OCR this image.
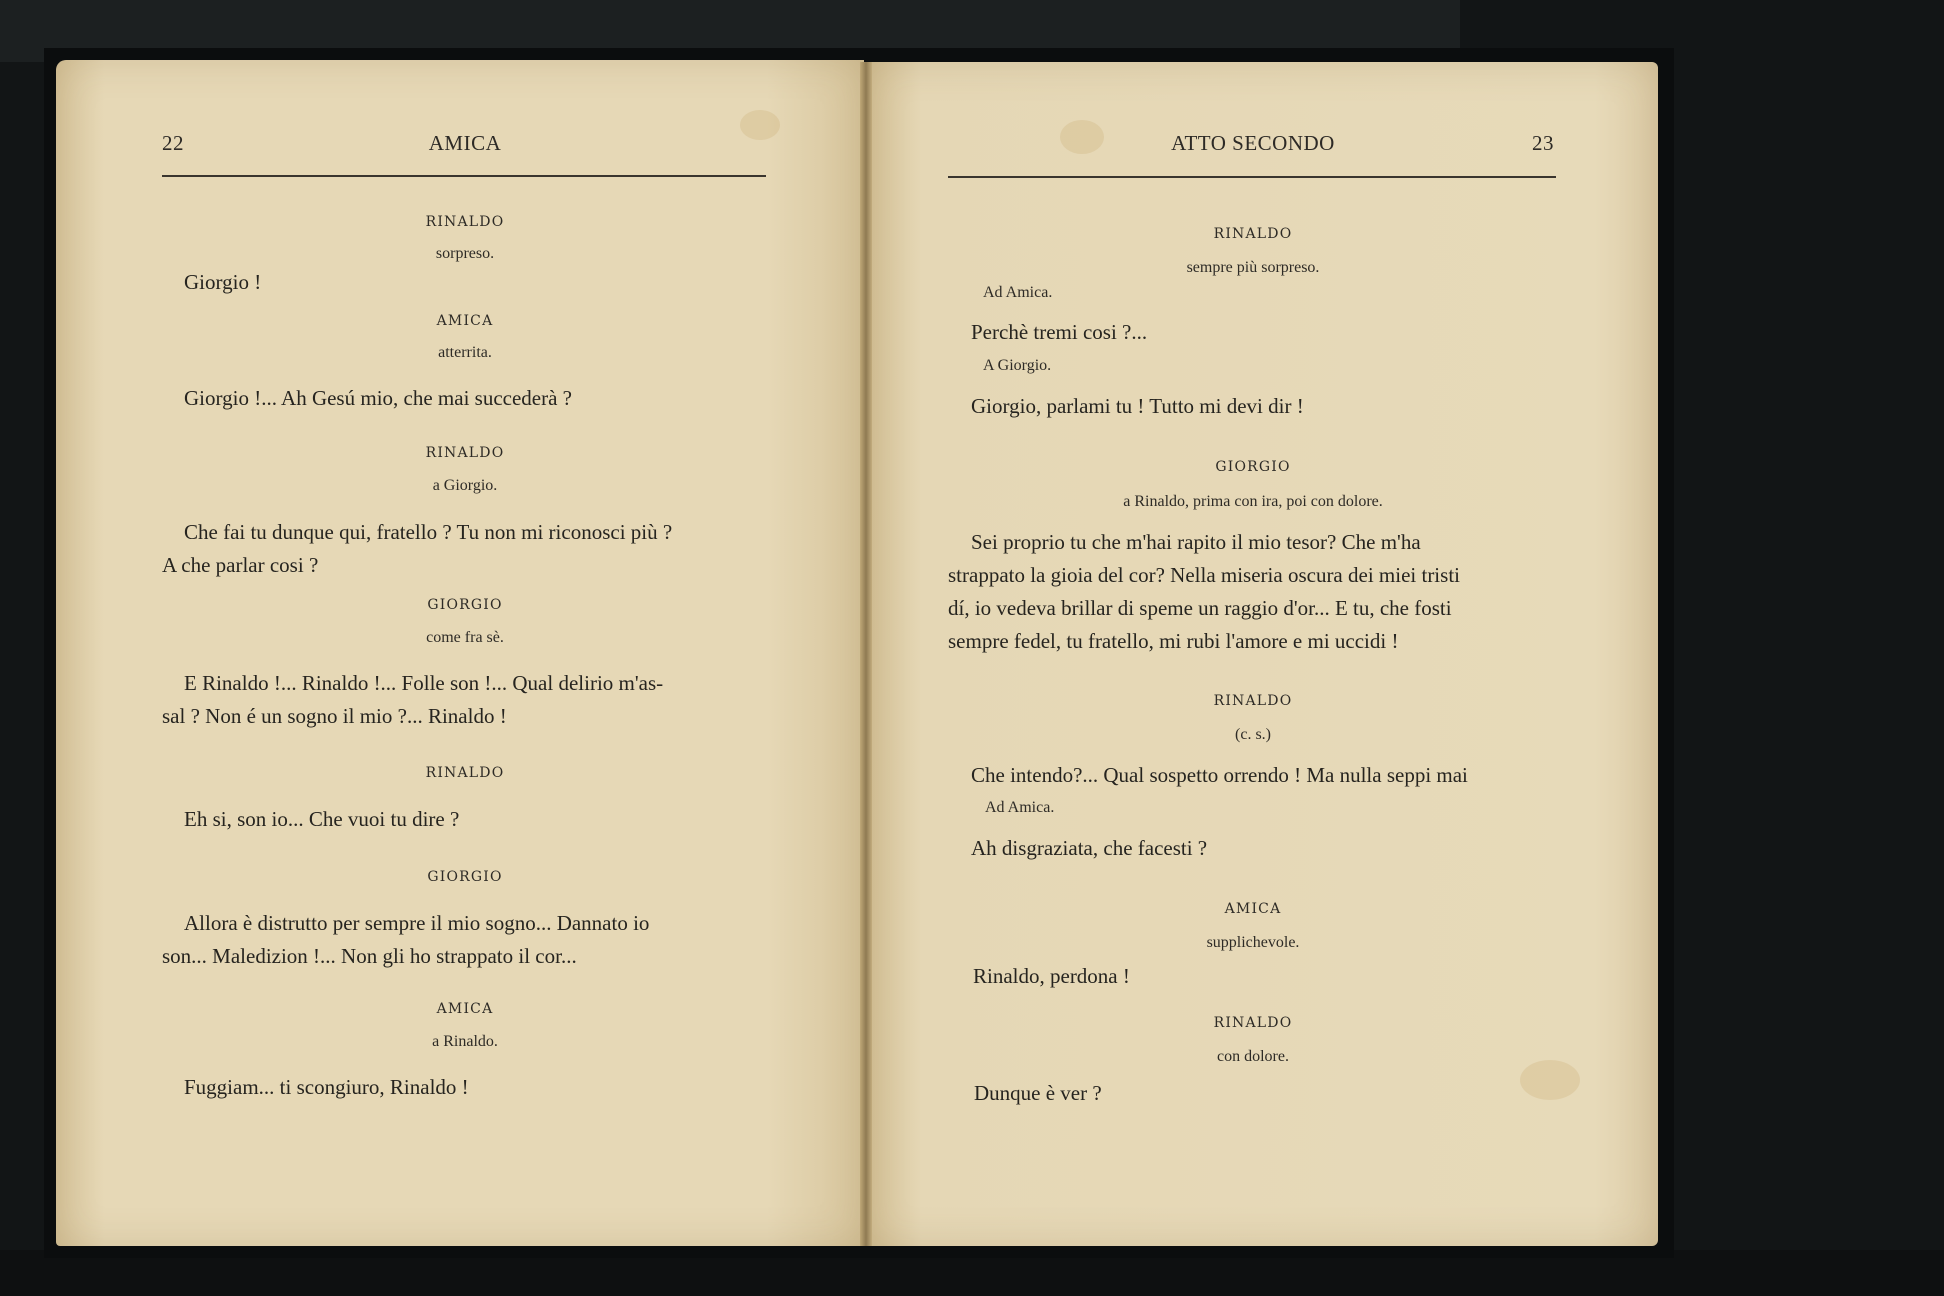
22	AMICA
RINALDO
sorpreso.
Giorgio !
AMICA
atterrita.
Giorgio !... Ah Gesú mio, che mai succederà ?
RINALDO
a Giorgio.
Che fai tu dunque qui, fratello ? Tu non mi riconosci più ?
A che parlar cosi ?
GIORGIO
come fra sè.
E Rinaldo !... Rinaldo !... Folle son !... Qual delirio m'as-
sal ? Non é un sogno il mio ?... Rinaldo !
RINALDO
Eh si, son io... Che vuoi tu dire ?
GIORGIO
Allora è distrutto per sempre il mio sogno... Dannato io
son... Maledizion !... Non gli ho strappato il cor...
AMICA
a Rinaldo.
Fuggiam... ti scongiuro, Rinaldo !
ATTO SECONDO	23
RINALDO
sempre più sorpreso.
Ad Amica.
Perchè tremi cosi ?...
A Giorgio.
Giorgio, parlami tu ! Tutto mi devi dir !
GIORGIO
a Rinaldo, prima con ira, poi con dolore.
Sei proprio tu che m'hai rapito il mio tesor? Che m'ha
strappato la gioia del cor? Nella miseria oscura dei miei tristi
dí, io vedeva brillar di speme un raggio d'or... E tu, che fosti
sempre fedel, tu fratello, mi rubi l'amore e mi uccidi !
RINALDO
(c. s.)
Che intendo?... Qual sospetto orrendo ! Ma nulla seppi mai
Ad Amica.
Ah disgraziata, che facesti ?
AMICA
supplichevole.
Rinaldo, perdona !
RINALDO
con dolore.
Dunque è ver ?
